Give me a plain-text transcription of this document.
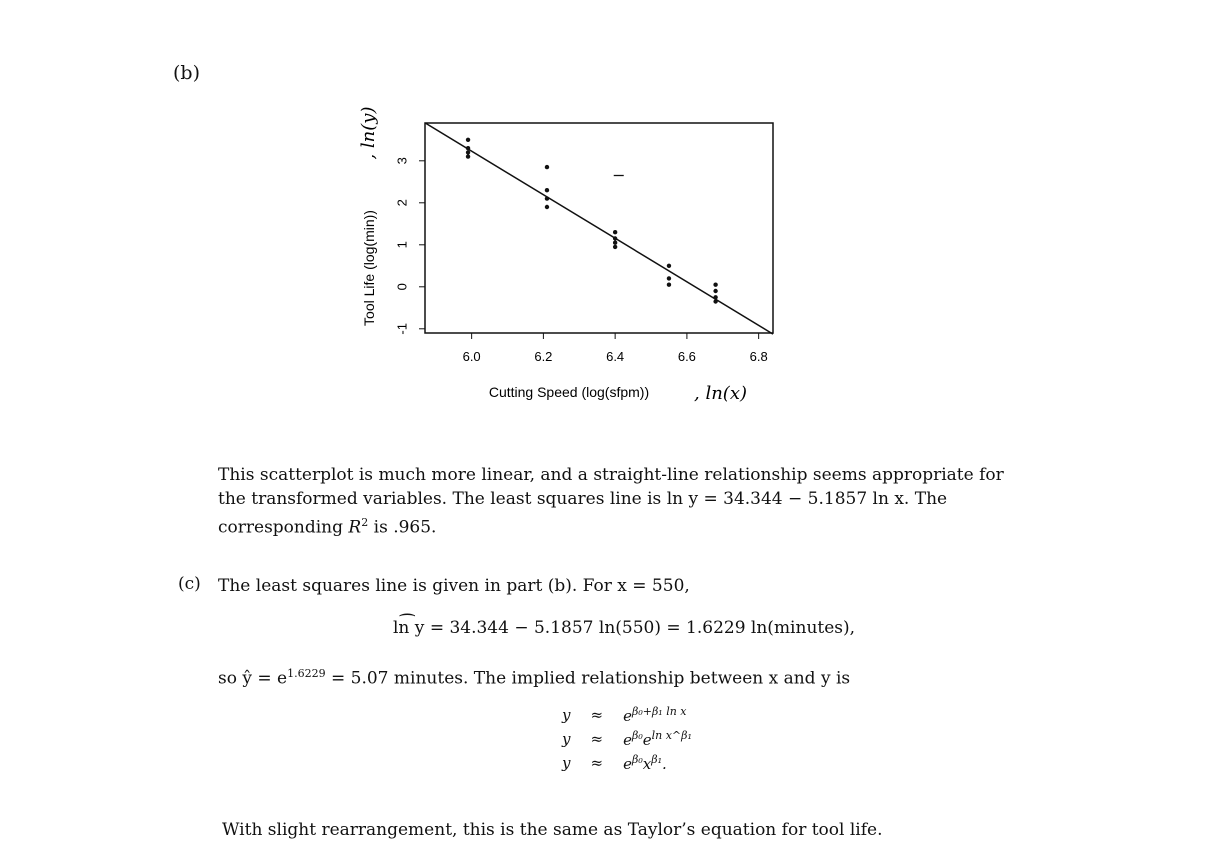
(b)
6.0	6.2	6.4	6.6	6.8
-1
0
1
2
3
Cutting Speed (log(sfpm)) , ln(x)
Tool Life (log(min))
, ln(y)
This scatterplot is much more linear, and a straight-line relationship seems appropriate for
the transformed variables. The least squares line is ln y = 34.344 − 5.1857 ln x. The
corresponding $R^2$ is .965.
(c) The least squares line is given in part (b). For x = 550,
⌢ ln y = 34.344 − 5.1857 ln(550) = 1.6229 ln(minutes),
so ŷ = $e^{1.6229} = 5.07$ minutes. The implied relationship between x and y is
y	≈	$e^{\beta_0+\beta_1 ln x}$
y	≈	$e^{\beta_0}e^{ln x\^{}\beta_1}$
y	≈	$e^{\beta_0}x^{\beta_1}$.
With slight rearrangement, this is the same as Taylor’s equation for tool life.
